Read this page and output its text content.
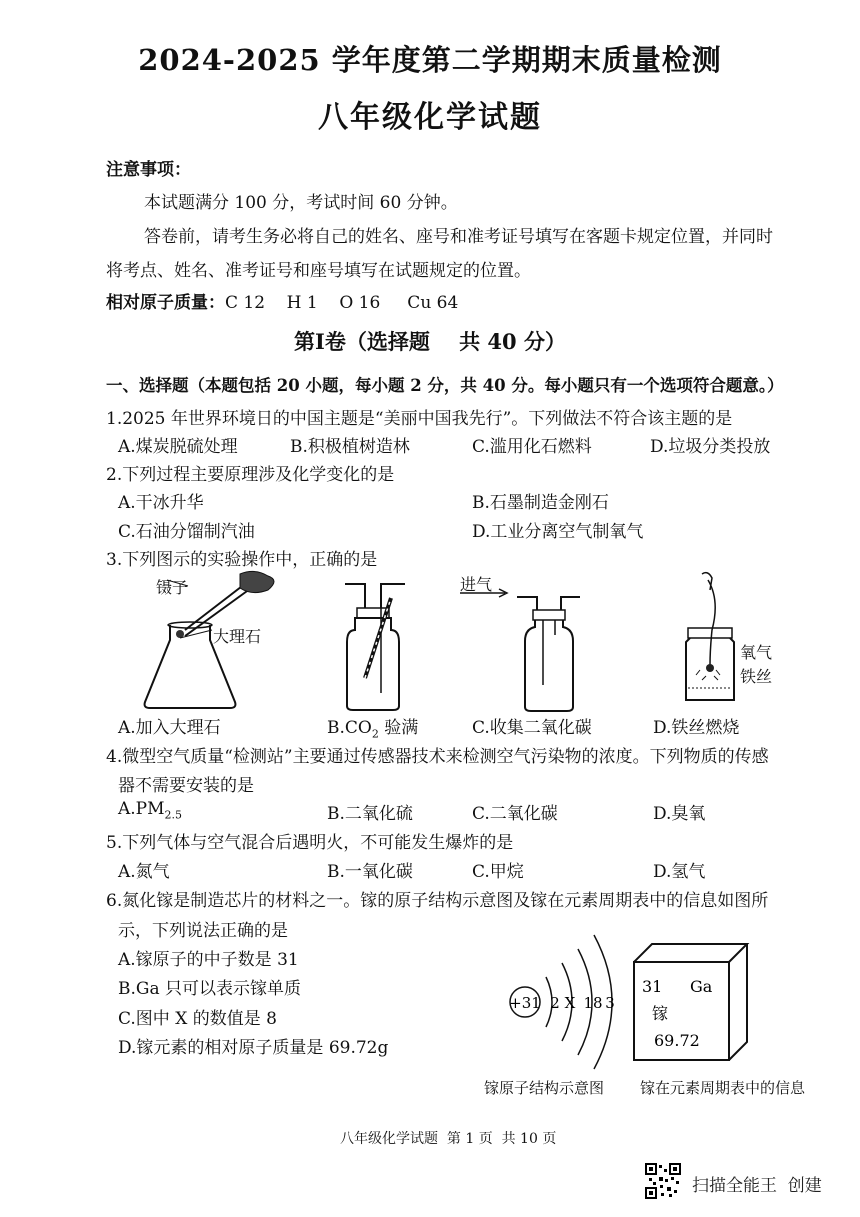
2024-2025 学年度第二学期期末质量检测
八年级化学试题
注意事项：
本试题满分 100 分，考试时间 60 分钟。
答卷前，请考生务必将自己的姓名、座号和准考证号填写在客题卡规定位置，并同时
将考点、姓名、准考证号和座号填写在试题规定的位置。
相对原子质量：C 12    H 1    O 16     Cu 64
第Ⅰ卷（选择题    共 40 分）
一、选择题（本题包括 20 小题，每小题 2 分，共 40 分。每小题只有一个选项符合题意。）
1.2025 年世界环境日的中国主题是“美丽中国我先行”。下列做法不符合该主题的是
A.煤炭脱硫处理	B.积极植树造林	C.滥用化石燃料	D.垃圾分类投放
2.下列过程主要原理涉及化学变化的是
A.干冰升华	B.石墨制造金刚石
C.石油分馏制汽油	D.工业分离空气制氧气
3.下列图示的实验操作中，正确的是
镊子
大理石
进气
氧气
铁丝
A.加入大理石	$B.CO_2$ 验满	C.收集二氧化碳	D.铁丝燃烧
4.微型空气质量“检测站”主要通过传感器技术来检测空气污染物的浓度。下列物质的传感
器不需要安装的是
$A.PM_{2.5}$	B.二氧化硫	C.二氧化碳	D.臭氧
5.下列气体与空气混合后遇明火，不可能发生爆炸的是
A.氮气	B.一氧化碳	C.甲烷	D.氢气
6.氮化镓是制造芯片的材料之一。镓的原子结构示意图及镓在元素周期表中的信息如图所
示，下列说法正确的是
A.镓原子的中子数是 31
B.Ga 只可以表示镓单质
C.图中 X 的数值是 8
D.镓元素的相对原子质量是 69.72g
+31 2 X 18 3
31 Ga
镓
69.72
镓原子结构示意图 镓在元素周期表中的信息
八年级化学试题  第 1 页  共 10 页
扫描全能王  创建
